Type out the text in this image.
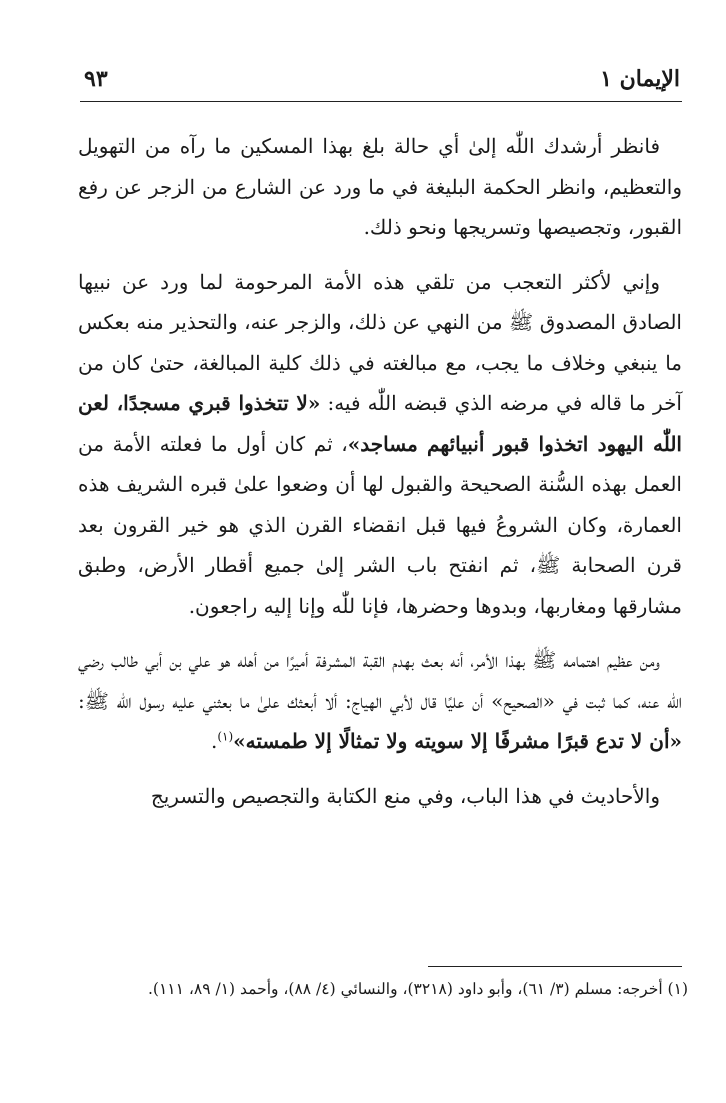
الإيمان ١
٩٣

فانظر أرشدك اللّٰه إلىٰ أي حالة بلغ بهذا المسكين ما رآه من التهويل والتعظيم، وانظر الحكمة البليغة في ما ورد عن الشارع من الزجر عن رفع القبور، وتجصيصها وتسريجها ونحو ذلك.

وإني لأكثر التعجب من تلقي هذه الأمة المرحومة لما ورد عن نبيها الصادق المصدوق ﷺ من النهي عن ذلك، والزجر عنه، والتحذير منه بعكس ما ينبغي وخلاف ما يجب، مع مبالغته في ذلك كلية المبالغة، حتىٰ كان من آخر ما قاله في مرضه الذي قبضه اللّٰه فيه: «لا تتخذوا قبري مسجدًا، لعن اللّٰه اليهود اتخذوا قبور أنبيائهم مساجد»، ثم كان أول ما فعلته الأمة من العمل بهذه السُّنة الصحيحة والقبول لها أن وضعوا علىٰ قبره الشريف هذه العمارة، وكان الشروعُ فيها قبل انقضاء القرن الذي هو خير القرون بعد قرن الصحابة ﷺ، ثم انفتح باب الشر إلىٰ جميع أقطار الأرض، وطبق مشارقها ومغاربها، وبدوها وحضرها، فإنا للّٰه وإنا إليه راجعون.

ومن عظيم اهتمامه ﷺ بهذا الأمر، أنه بعث بهدم القبة المشرفة أميرًا من أهله هو علي بن أبي طالب رضي الله عنه، كما ثبت في «الصحيح» أن عليًا قال لأبي الهياج: ألا أبعثك علىٰ ما بعثني عليه رسول اللّٰه ﷺ: «أن لا تدع قبرًا مشرفًا إلا سويته ولا تمثالًا إلا طمسته»$^{(١)}$.

والأحاديث في هذا الباب، وفي منع الكتابة والتجصيص والتسريج

(١) أخرجه: مسلم (٣/ ٦١)، وأبو داود (٣٢١٨)، والنسائي (٤/ ٨٨)، وأحمد (١/ ٨٩، ١١١).
